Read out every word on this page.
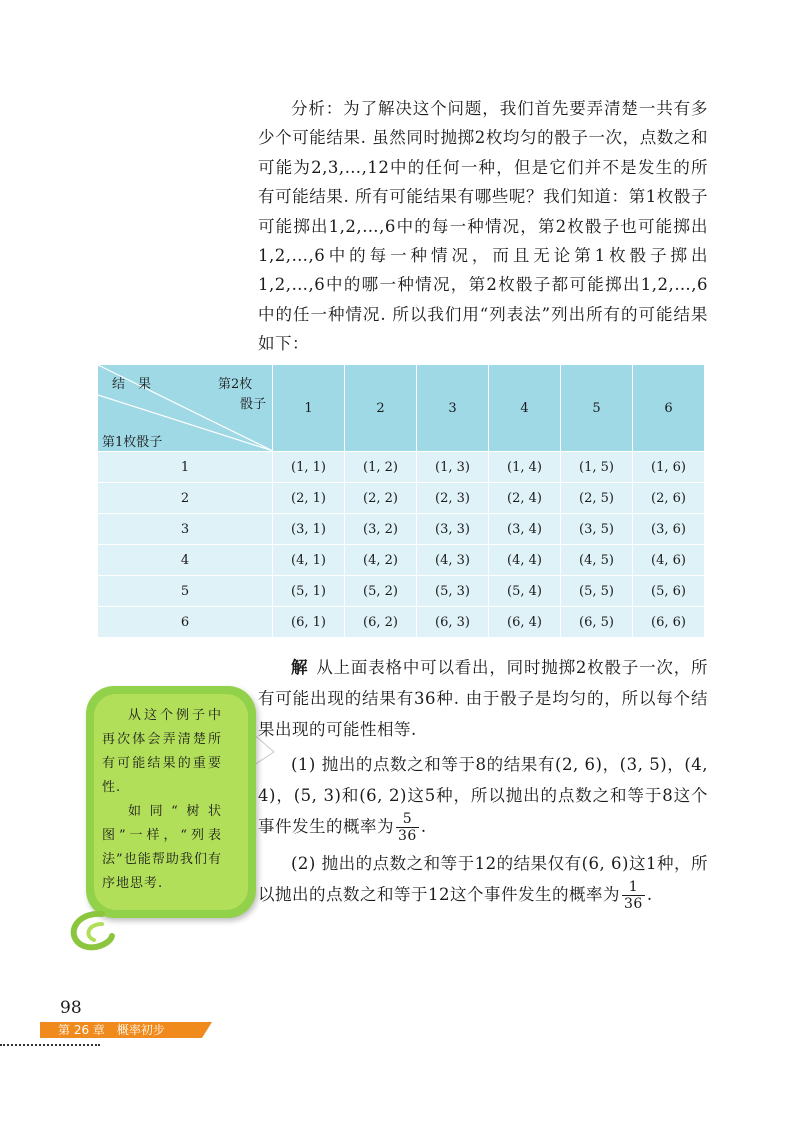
分析：为了解决这个问题，我们首先要弄清楚一共有多少个可能结果. 虽然同时抛掷2枚均匀的骰子一次，点数之和可能为2,3,…,12中的任何一种，但是它们并不是发生的所有可能结果. 所有可能结果有哪些呢？我们知道：第1枚骰子可能掷出1,2,…,6中的每一种情况，第2枚骰子也可能掷出1,2,…,6中的每一种情况，而且无论第1枚骰子掷出1,2,…,6中的哪一种情况，第2枚骰子都可能掷出1,2,…,6中的任一种情况. 所以我们用“列表法”列出所有的可能结果如下：

结　果 第2枚
骰子
第1枚骰子	1	2	3	4	5	6
1	(1, 1)	(1, 2)	(1, 3)	(1, 4)	(1, 5)	(1, 6)
2	(2, 1)	(2, 2)	(2, 3)	(2, 4)	(2, 5)	(2, 6)
3	(3, 1)	(3, 2)	(3, 3)	(3, 4)	(3, 5)	(3, 6)
4	(4, 1)	(4, 2)	(4, 3)	(4, 4)	(4, 5)	(4, 6)
5	(5, 1)	(5, 2)	(5, 3)	(5, 4)	(5, 5)	(5, 6)
6	(6, 1)	(6, 2)	(6, 3)	(6, 4)	(6, 5)	(6, 6)

从这个例子中再次体会弄清楚所有可能结果的重要性.

如同“树状图”一样，“列表法”也能帮助我们有序地思考.

解 从上面表格中可以看出，同时抛掷2枚骰子一次，所有可能出现的结果有36种. 由于骰子是均匀的，所以每个结果出现的可能性相等.

(1) 抛出的点数之和等于8的结果有(2, 6)，(3, 5)，(4, 4)，(5, 3)和(6, 2)这5种，所以抛出的点数之和等于8这个事件发生的概率为 $\frac{5}{36}$ .

(2) 抛出的点数之和等于12的结果仅有(6, 6)这1种，所以抛出的点数之和等于12这个事件发生的概率为 $\frac{1}{36}$ .

98
第 26 章　概率初步
